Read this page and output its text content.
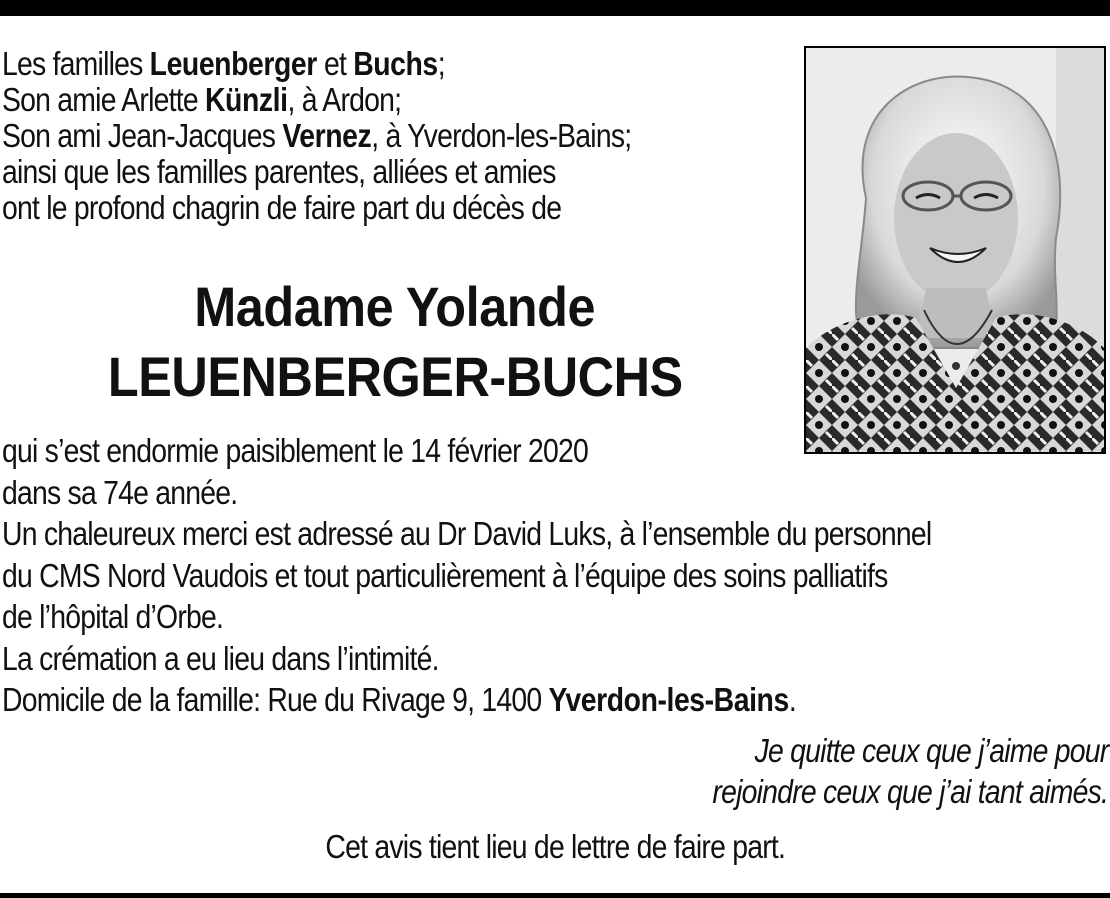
Les familles Leuenberger et Buchs;
Son amie Arlette Künzli, à Ardon;
Son ami Jean-Jacques Vernez, à Yverdon-les-Bains;
ainsi que les familles parentes, alliées et amies
ont le profond chagrin de faire part du décès de
Madame Yolande
LEUENBERGER-BUCHS
qui s’est endormie paisiblement le 14 février 2020
dans sa 74e année.
Un chaleureux merci est adressé au Dr David Luks, à l’ensemble du personnel
du CMS Nord Vaudois et tout particulièrement à l’équipe des soins palliatifs
de l’hôpital d’Orbe.
La crémation a eu lieu dans l’intimité.
Domicile de la famille: Rue du Rivage 9, 1400 Yverdon-les-Bains.
Je quitte ceux que j’aime pour
rejoindre ceux que j’ai tant aimés.
Cet avis tient lieu de lettre de faire part.
